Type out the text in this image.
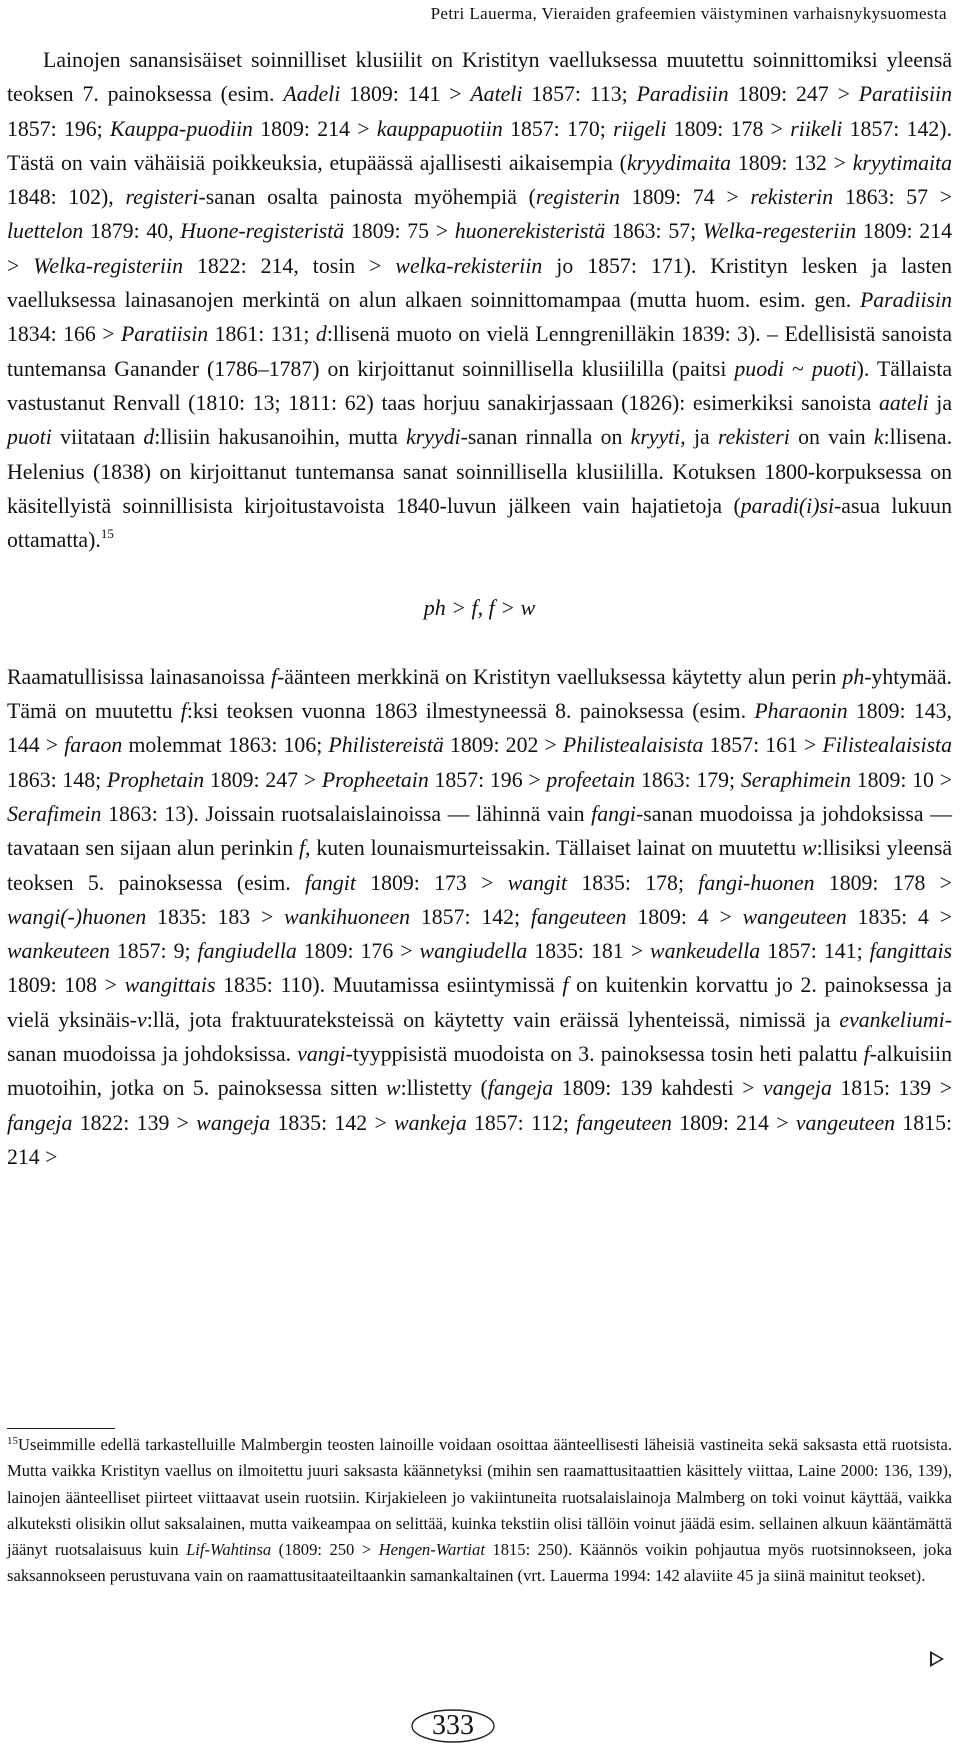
Petri Lauerma, Vieraiden grafeemien väistyminen varhaisnykysuomesta

Lainojen sanansisäiset soinnilliset klusiilit on Kristityn vaelluksessa muutettu soinnittomiksi yleensä teoksen 7. painoksessa (esim. Aadeli 1809: 141 > Aateli 1857: 113; Paradisiin 1809: 247 > Paratiisiin 1857: 196; Kauppa-puodiin 1809: 214 > kauppapuotiin 1857: 170; riigeli 1809: 178 > riikeli 1857: 142). Tästä on vain vähäisiä poikkeuksia, etupäässä ajallisesti aikaisempia (kryydimaita 1809: 132 > kryytimaita 1848: 102), registeri-sanan osalta painosta myöhempiä (registerin 1809: 74 > rekisterin 1863: 57 > luettelon 1879: 40, Huone-registeristä 1809: 75 > huonerekisteristä 1863: 57; Welka-regesteriin 1809: 214 > Welka-registeriin 1822: 214, tosin > welka-rekisteriin jo 1857: 171). Kristityn lesken ja lasten vaelluksessa lainasanojen merkintä on alun alkaen soinnittomampaa (mutta huom. esim. gen. Paradiisin 1834: 166 > Paratiisin 1861: 131; d:llisenä muoto on vielä Lenngrenilläkin 1839: 3). – Edellisistä sanoista tuntemansa Ganander (1786–1787) on kirjoittanut soinnillisella klusiililla (paitsi puodi ~ puoti). Tällaista vastustanut Renvall (1810: 13; 1811: 62) taas horjuu sanakirjassaan (1826): esimerkiksi sanoista aateli ja puoti viitataan d:llisiin hakusanoihin, mutta kryydi-sanan rinnalla on kryyti, ja rekisteri on vain k:llisena. Helenius (1838) on kirjoittanut tuntemansa sanat soinnillisella klusiililla. Kotuksen 1800-korpuksessa on käsitellyistä soinnillisista kirjoitustavoista 1840-luvun jälkeen vain hajatietoja (paradi(i)si-asua lukuun ottamatta).$^{15}$

ph > f, f > w

Raamatullisissa lainasanoissa f-äänteen merkkinä on Kristityn vaelluksessa käytetty alun perin ph-yhtymää. Tämä on muutettu f:ksi teoksen vuonna 1863 ilmestyneessä 8. painoksessa (esim. Pharaonin 1809: 143, 144 > faraon molemmat 1863: 106; Philistereistä 1809: 202 > Philistealaisista 1857: 161 > Filistealaisista 1863: 148; Prophetain 1809: 247 > Propheetain 1857: 196 > profeetain 1863: 179; Seraphimein 1809: 10 > Serafimein 1863: 13). Joissain ruotsalaislainoissa — lähinnä vain fangi-sanan muodoissa ja johdoksissa — tavataan sen sijaan alun perinkin f, kuten lounaismurteissakin. Tällaiset lainat on muutettu w:llisiksi yleensä teoksen 5. painoksessa (esim. fangit 1809: 173 > wangit 1835: 178; fangi-huonen 1809: 178 > wangi(-)huonen 1835: 183 > wankihuoneen 1857: 142; fangeuteen 1809: 4 > wangeuteen 1835: 4 > wankeuteen 1857: 9; fangiudella 1809: 176 > wangiudella 1835: 181 > wankeudella 1857: 141; fangittais 1809: 108 > wangittais 1835: 110). Muutamissa esiintymissä f on kuitenkin korvattu jo 2. painoksessa ja vielä yksinäis-v:llä, jota fraktuurateksteissä on käytetty vain eräissä lyhenteissä, nimissä ja evankeliumi-sanan muodoissa ja johdoksissa. vangi-tyyppisistä muodoista on 3. painoksessa tosin heti palattu f-alkuisiin muotoihin, jotka on 5. painoksessa sitten w:llistetty (fangeja 1809: 139 kahdesti > vangeja 1815: 139 > fangeja 1822: 139 > wangeja 1835: 142 > wankeja 1857: 112; fangeuteen 1809: 214 > vangeuteen 1815: 214 >

$^{15}$Useimmille edellä tarkastelluille Malmbergin teosten lainoille voidaan osoittaa äänteellisesti läheisiä vastineita sekä saksasta että ruotsista. Mutta vaikka Kristityn vaellus on ilmoitettu juuri saksasta käännetyksi (mihin sen raamattusitaattien käsittely viittaa, Laine 2000: 136, 139), lainojen äänteelliset piirteet viittaavat usein ruotsiin. Kirjakieleen jo vakiintuneita ruotsalaislainoja Malmberg on toki voinut käyttää, vaikka alkuteksti olisikin ollut saksalainen, mutta vaikeampaa on selittää, kuinka tekstiin olisi tällöin voinut jäädä esim. sellainen alkuun kääntämättä jäänyt ruotsalaisuus kuin Lif-Wahtinsa (1809: 250 > Hengen-Wartiat 1815: 250). Käännös voikin pohjautua myös ruotsinnokseen, joka saksannokseen perustuvana vain on raamattusitaateiltaankin samankaltainen (vrt. Lauerma 1994: 142 alaviite 45 ja siinä mainitut teokset).

333
